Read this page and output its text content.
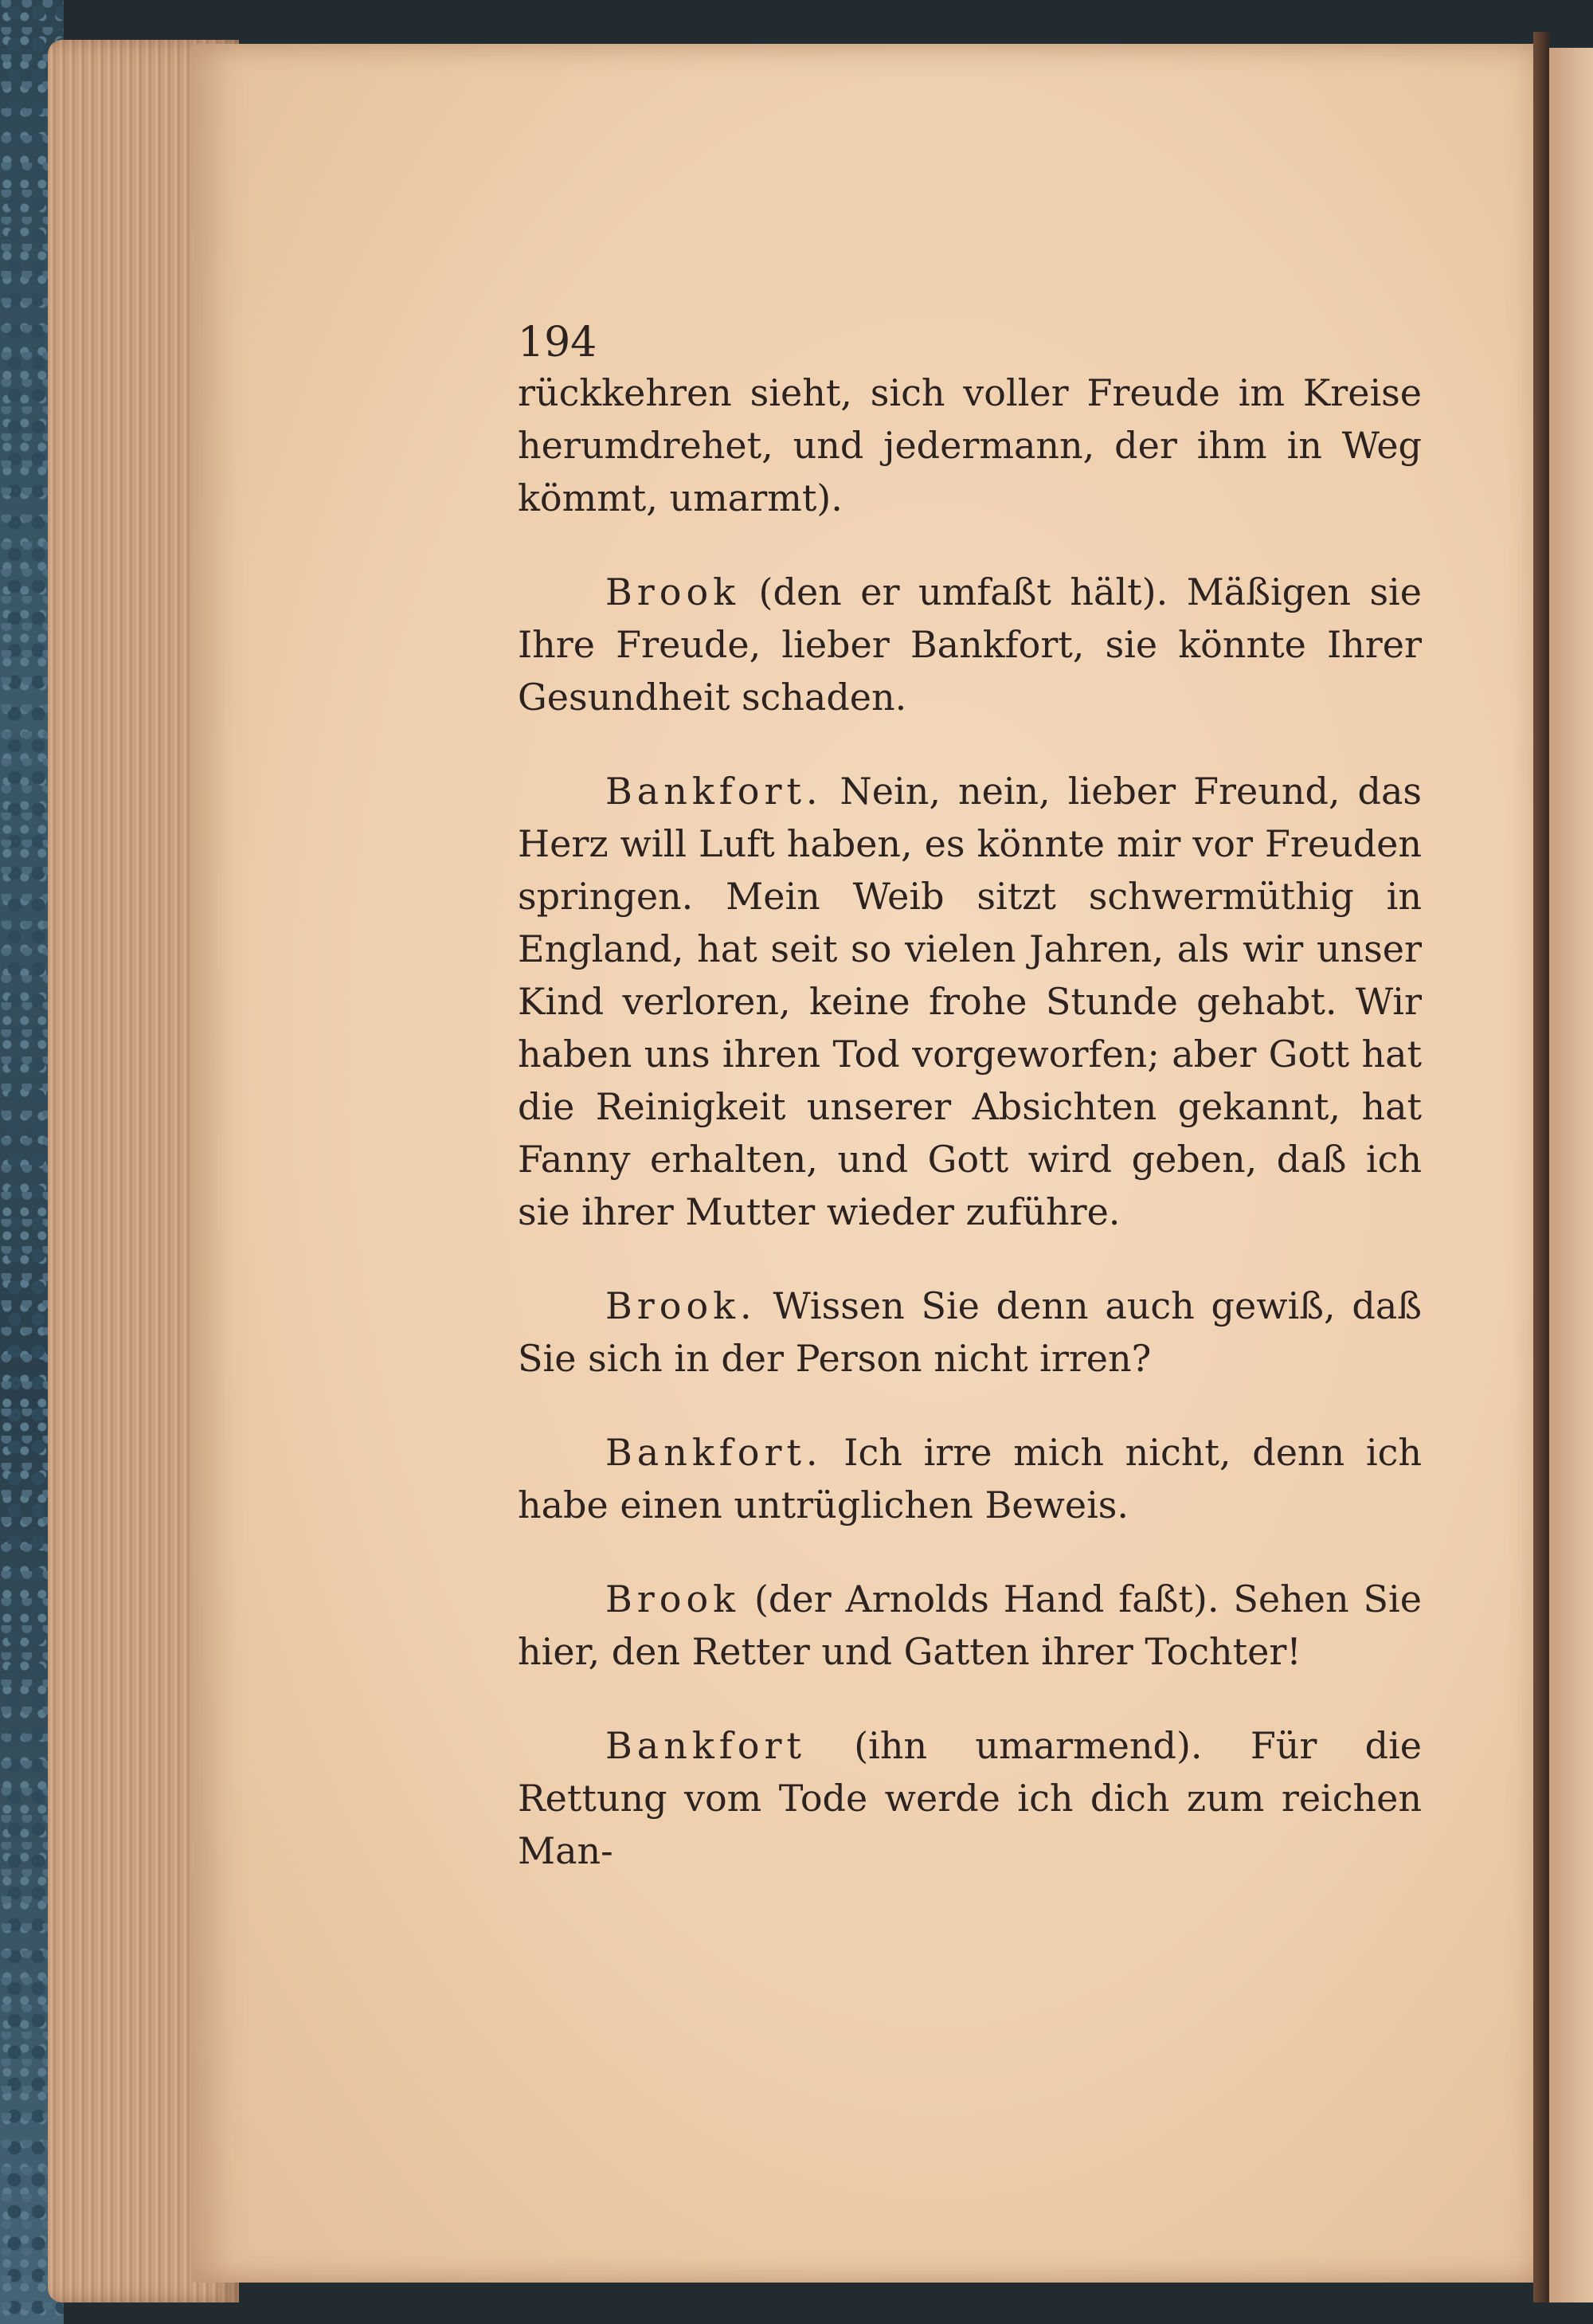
194

rückkehren sieht, sich voller Freude im Kreise herumdrehet, und jedermann, der ihm in Weg kömmt, umarmt).

Brook (den er umfaßt hält). Mäßigen sie Ihre Freude, lieber Bankfort, sie könnte Ihrer Gesundheit schaden.

Bankfort. Nein, nein, lieber Freund, das Herz will Luft haben, es könnte mir vor Freuden springen. Mein Weib sitzt schwermüthig in England, hat seit so vielen Jahren, als wir unser Kind verloren, keine frohe Stunde gehabt. Wir haben uns ihren Tod vorgeworfen; aber Gott hat die Reinigkeit unserer Absichten gekannt, hat Fanny erhalten, und Gott wird geben, daß ich sie ihrer Mutter wieder zuführe.

Brook. Wissen Sie denn auch gewiß, daß Sie sich in der Person nicht irren?

Bankfort. Ich irre mich nicht, denn ich habe einen untrüglichen Beweis.

Brook (der Arnolds Hand faßt). Sehen Sie hier, den Retter und Gatten ihrer Tochter!

Bankfort (ihn umarmend). Für die Rettung vom Tode werde ich dich zum reichen Man-
